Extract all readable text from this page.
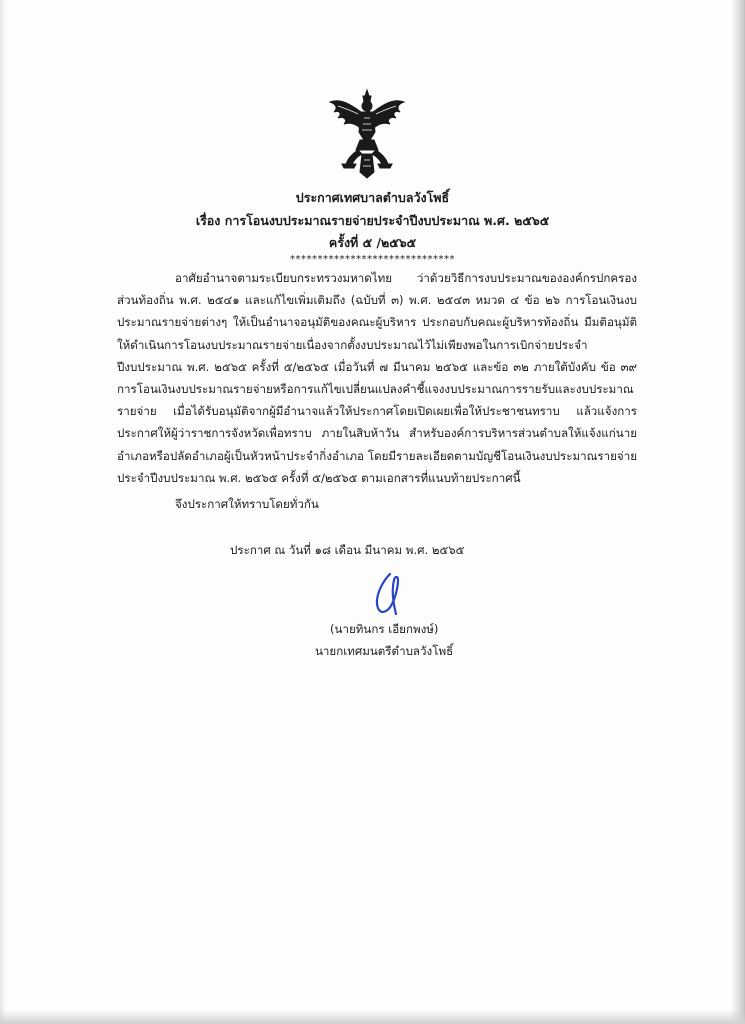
ประกาศเทศบาลตำบลวังโพธิ์
เรื่อง การโอนงบประมาณรายจ่ายประจำปีงบประมาณ พ.ศ. ๒๕๖๕
ครั้งที่ ๕ /๒๕๖๕
******************************

อาศัยอำนาจตามระเบียบกระทรวงมหาดไทย ว่าด้วยวิธีการงบประมาณขององค์กรปกครองส่วนท้องถิ่น พ.ศ. ๒๕๔๑ และแก้ไขเพิ่มเติมถึง (ฉบับที่ ๓) พ.ศ. ๒๕๔๓ หมวด ๔ ข้อ ๒๖ การโอนเงินงบประมาณรายจ่ายต่างๆ ให้เป็นอำนาจอนุมัติของคณะผู้บริหาร ประกอบกับคณะผู้บริหารท้องถิ่น มีมติอนุมัติให้ดำเนินการโอนงบประมาณรายจ่ายเนื่องจากตั้งงบประมาณไว้ไม่เพียงพอในการเบิกจ่ายประจำปีงบประมาณ พ.ศ. ๒๕๖๕ ครั้งที่ ๕/๒๕๖๕ เมื่อวันที่ ๗ มีนาคม ๒๕๖๕ และข้อ ๓๒ ภายใต้บังคับ ข้อ ๓๙ การโอนเงินงบประมาณรายจ่ายหรือการแก้ไขเปลี่ยนแปลงคำชี้แจงงบประมาณการรายรับและงบประมาณรายจ่าย เมื่อได้รับอนุมัติจากผู้มีอำนาจแล้วให้ประกาศโดยเปิดเผยเพื่อให้ประชาชนทราบ แล้วแจ้งการประกาศให้ผู้ว่าราชการจังหวัดเพื่อทราบ ภายในสิบห้าวัน สำหรับองค์การบริหารส่วนตำบลให้แจ้งแก่นายอำเภอหรือปลัดอำเภอผู้เป็นหัวหน้าประจำกิ่งอำเภอ โดยมีรายละเอียดตามบัญชีโอนเงินงบประมาณรายจ่าย ประจำปีงบประมาณ พ.ศ. ๒๕๖๕ ครั้งที่ ๕/๒๕๖๕ ตามเอกสารที่แนบท้ายประกาศนี้

จึงประกาศให้ทราบโดยทั่วกัน
ประกาศ ณ วันที่ ๑๘ เดือน มีนาคม พ.ศ. ๒๕๖๕
(นายทินกร เอียกพงษ์)
นายกเทศมนตรีตำบลวังโพธิ์
